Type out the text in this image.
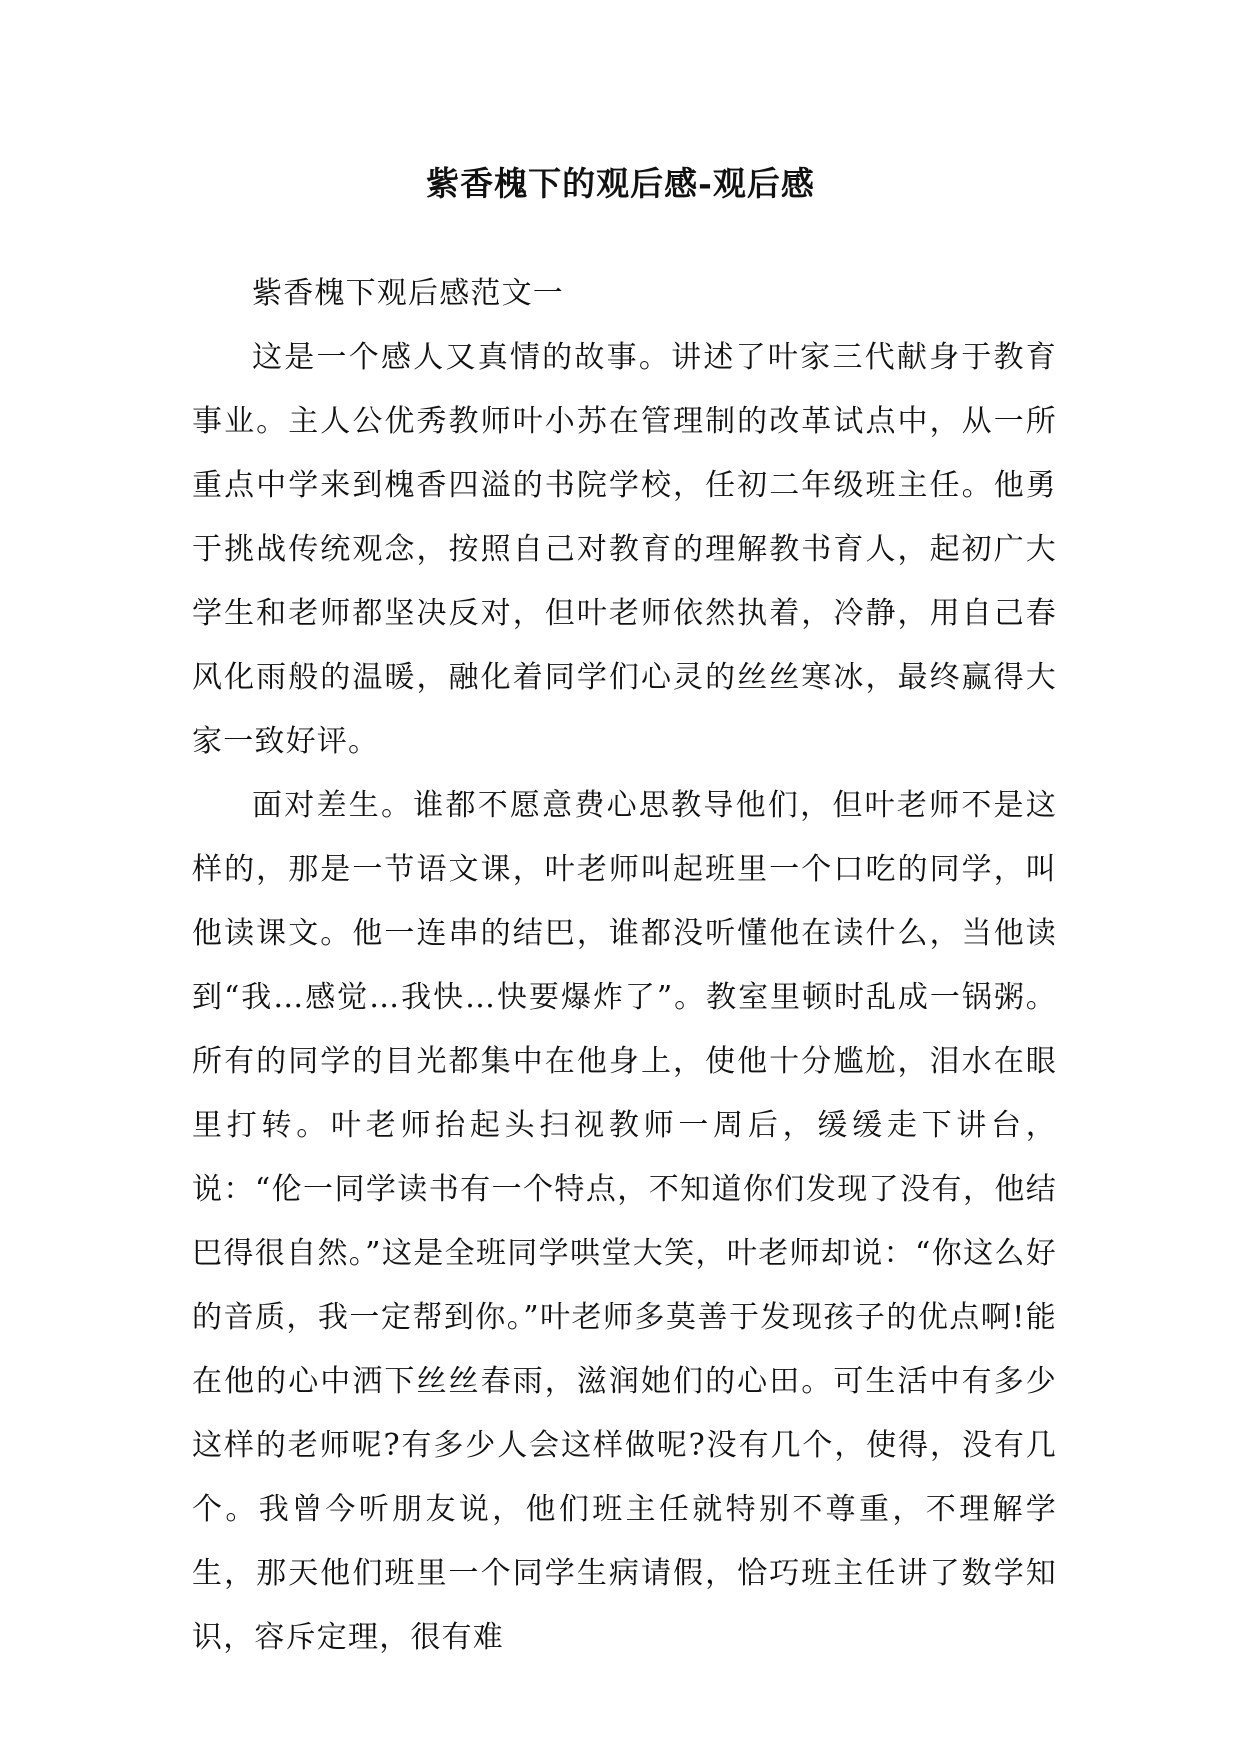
紫香槐下的观后感-观后感

紫香槐下观后感范文一

这是一个感人又真情的故事。讲述了叶家三代献身于教育事业。主人公优秀教师叶小苏在管理制的改革试点中，从一所重点中学来到槐香四溢的书院学校，任初二年级班主任。他勇于挑战传统观念，按照自己对教育的理解教书育人，起初广大学生和老师都坚决反对，但叶老师依然执着，冷静，用自己春风化雨般的温暖，融化着同学们心灵的丝丝寒冰，最终赢得大家一致好评。

面对差生。谁都不愿意费心思教导他们，但叶老师不是这样的，那是一节语文课，叶老师叫起班里一个口吃的同学，叫他读课文。他一连串的结巴，谁都没听懂他在读什么，当他读到“我…感觉…我快…快要爆炸了”。教室里顿时乱成一锅粥。所有的同学的目光都集中在他身上，使他十分尴尬，泪水在眼里打转。叶老师抬起头扫视教师一周后，缓缓走下讲台，说：“伦一同学读书有一个特点，不知道你们发现了没有，他结巴得很自然。”这是全班同学哄堂大笑，叶老师却说：“你这么好的音质，我一定帮到你。”叶老师多莫善于发现孩子的优点啊!能在他的心中洒下丝丝春雨，滋润她们的心田。可生活中有多少这样的老师呢?有多少人会这样做呢?没有几个，使得，没有几个。我曾今听朋友说，他们班主任就特别不尊重，不理解学生，那天他们班里一个同学生病请假，恰巧班主任讲了数学知识，容斥定理，很有难
